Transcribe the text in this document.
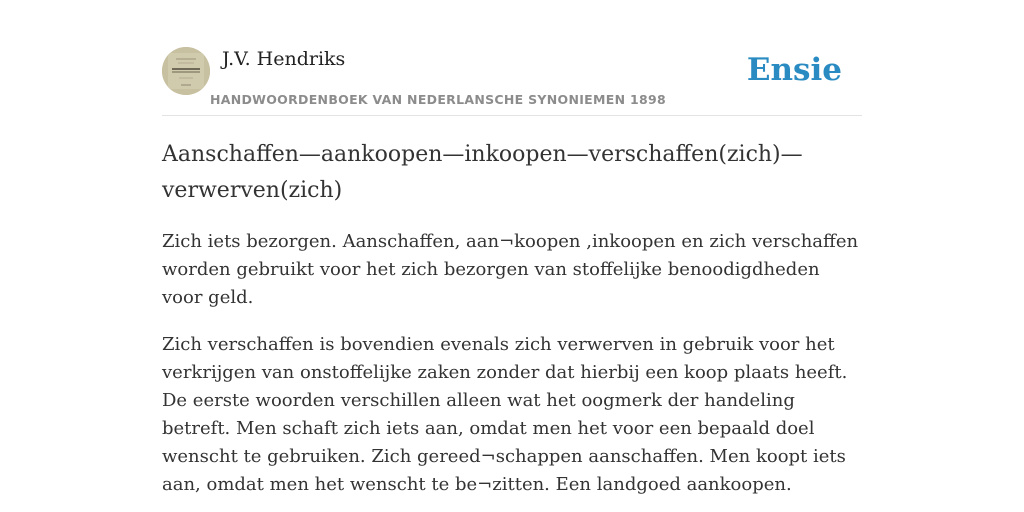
J.V. Hendriks
HANDWOORDENBOEK VAN NEDERLANSCHE SYNONIEMEN 1898
Ensie
Aanschaffen—aankoopen—inkoopen—verschaffen(zich)—verwerven(zich)

Zich iets bezorgen. Aanschaffen, aan¬koopen ,inkoopen en zich verschaffen worden gebruikt voor het zich bezorgen van stoffelijke benoodigdheden voor geld.

Zich verschaffen is bovendien evenals zich verwerven in gebruik voor het verkrijgen van onstoffelijke zaken zonder dat hierbij een koop plaats heeft. De eerste woorden verschillen alleen wat het oogmerk der handeling betreft. Men schaft zich iets aan, omdat men het voor een bepaald doel wenscht te gebruiken. Zich gereed¬schappen aanschaffen. Men koopt iets aan, omdat men het wenscht te be¬zitten. Een landgoed aankoopen.
